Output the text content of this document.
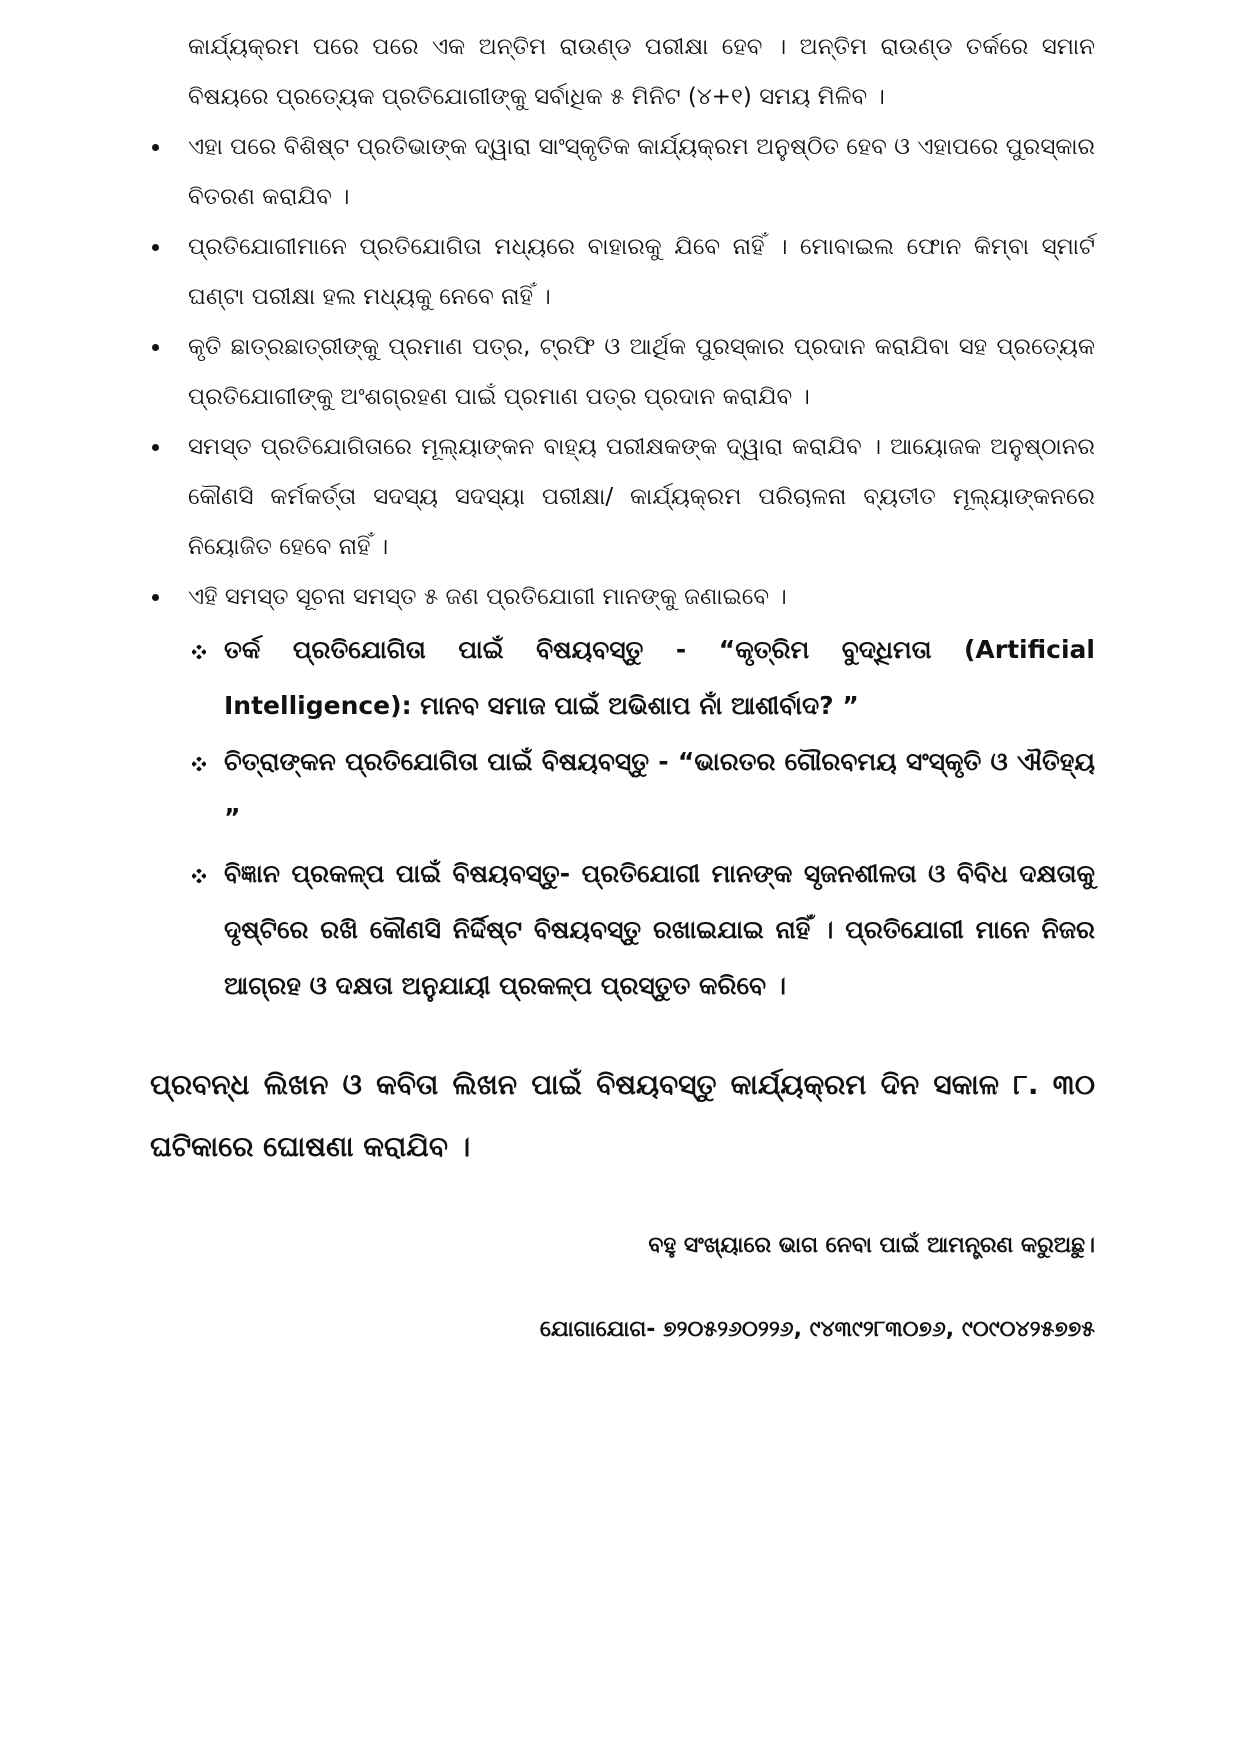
କାର୍ଯ୍ୟକ୍ରମ ପରେ ପରେ ଏକ ଅନ୍ତିମ ରାଉଣ୍ଡ ପରୀକ୍ଷା ହେବ । ଅନ୍ତିମ ରାଉଣ୍ଡ ତର୍କରେ ସମାନ ବିଷୟରେ ପ୍ରତ୍ୟେକ ପ୍ରତିଯୋଗୀଙ୍କୁ ସର୍ବାଧିକ ୫ ମିନିଟ (୪+୧) ସମୟ ମିଳିବ ।

ଏହା ପରେ ବିଶିଷ୍ଟ ପ୍ରତିଭାଙ୍କ ଦ୍ୱାରା ସାଂସ୍କୃତିକ କାର୍ଯ୍ୟକ୍ରମ ଅନୁଷ୍ଠିତ ହେବ ଓ ଏହାପରେ ପୁରସ୍କାର ବିତରଣ କରାଯିବ ।
ପ୍ରତିଯୋଗୀମାନେ ପ୍ରତିଯୋଗିତା ମଧ୍ୟରେ ବାହାରକୁ ଯିବେ ନାହିଁ । ମୋବାଇଲ ଫୋନ କିମ୍ବା ସ୍ମାର୍ଟ ଘଣ୍ଟା ପରୀକ୍ଷା ହଲ ମଧ୍ୟକୁ ନେବେ ନାହିଁ ।
କୃତି ଛାତ୍ରଛାତ୍ରୀଙ୍କୁ ପ୍ରମାଣ ପତ୍ର, ଟ୍ରଫି ଓ ଆର୍ଥିକ ପୁରସ୍କାର ପ୍ରଦାନ କରାଯିବା ସହ ପ୍ରତ୍ୟେକ ପ୍ରତିଯୋଗୀଙ୍କୁ ଅଂଶଗ୍ରହଣ ପାଇଁ ପ୍ରମାଣ ପତ୍ର ପ୍ରଦାନ କରାଯିବ ।
ସମସ୍ତ ପ୍ରତିଯୋଗିତାରେ ମୂଲ୍ୟାଙ୍କନ ବାହ୍ୟ ପରୀକ୍ଷକଙ୍କ ଦ୍ୱାରା କରାଯିବ । ଆୟୋଜକ ଅନୁଷ୍ଠାନର କୌଣସି କର୍ମକର୍ତ୍ତା ସଦସ୍ୟ ସଦସ୍ୟା ପରୀକ୍ଷା/ କାର୍ଯ୍ୟକ୍ରମ ପରିଚାଳନା ବ୍ୟତୀତ ମୂଲ୍ୟାଙ୍କନରେ ନିୟୋଜିତ ହେବେ ନାହିଁ ।
ଏହି ସମସ୍ତ ସୂଚନା ସମସ୍ତ ୫ ଜଣ ପ୍ରତିଯୋଗୀ ମାନଙ୍କୁ ଜଣାଇବେ ।
ତର୍କ ପ୍ରତିଯୋଗିତା ପାଇଁ ବିଷୟବସ୍ତୁ - “କୃତ୍ରିମ ବୁଦ୍ଧିମତା (Artificial Intelligence): ମାନବ ସମାଜ ପାଇଁ ଅଭିଶାପ ନାଁ ଆଶୀର୍ବାଦ? ”
ଚିତ୍ରାଙ୍କନ ପ୍ରତିଯୋଗିତା ପାଇଁ ବିଷୟବସ୍ତୁ - “ଭାରତର ଗୌରବମୟ ସଂସ୍କୃତି ଓ ଐତିହ୍ୟ ”
ବିଜ୍ଞାନ ପ୍ରକଳ୍ପ ପାଇଁ ବିଷୟବସ୍ତୁ- ପ୍ରତିଯୋଗୀ ମାନଙ୍କ ସୃଜନଶୀଳତା ଓ ବିବିଧ ଦକ୍ଷତାକୁ ଦୃଷ୍ଟିରେ ରଖି କୌଣସି ନିର୍ଦ୍ଦିଷ୍ଟ ବିଷୟବସ୍ତୁ ରଖାଇଯାଇ ନାହିଁ । ପ୍ରତିଯୋଗୀ ମାନେ ନିଜର ଆଗ୍ରହ ଓ ଦକ୍ଷତା ଅନୁଯାୟୀ ପ୍ରକଳ୍ପ ପ୍ରସ୍ତୁତ କରିବେ ।

ପ୍ରବନ୍ଧ ଲିଖନ ଓ କବିତା ଲିଖନ ପାଇଁ ବିଷୟବସ୍ତୁ କାର୍ଯ୍ୟକ୍ରମ ଦିନ ସକାଳ ୮. ୩୦ ଘଟିକାରେ ଘୋଷଣା କରାଯିବ ।

ବହୁ ସଂଖ୍ୟାରେ ଭାଗ ନେବା ପାଇଁ ଆମନ୍ତ୍ରଣ କରୁଅଛୁ।

ଯୋଗାଯୋଗ- ୭୨୦୫୨୬୦୨୨୬, ୯୪୩୯୨୮୩୦୭୬, ୯୦୯୦୪୨୫୭୭୫
